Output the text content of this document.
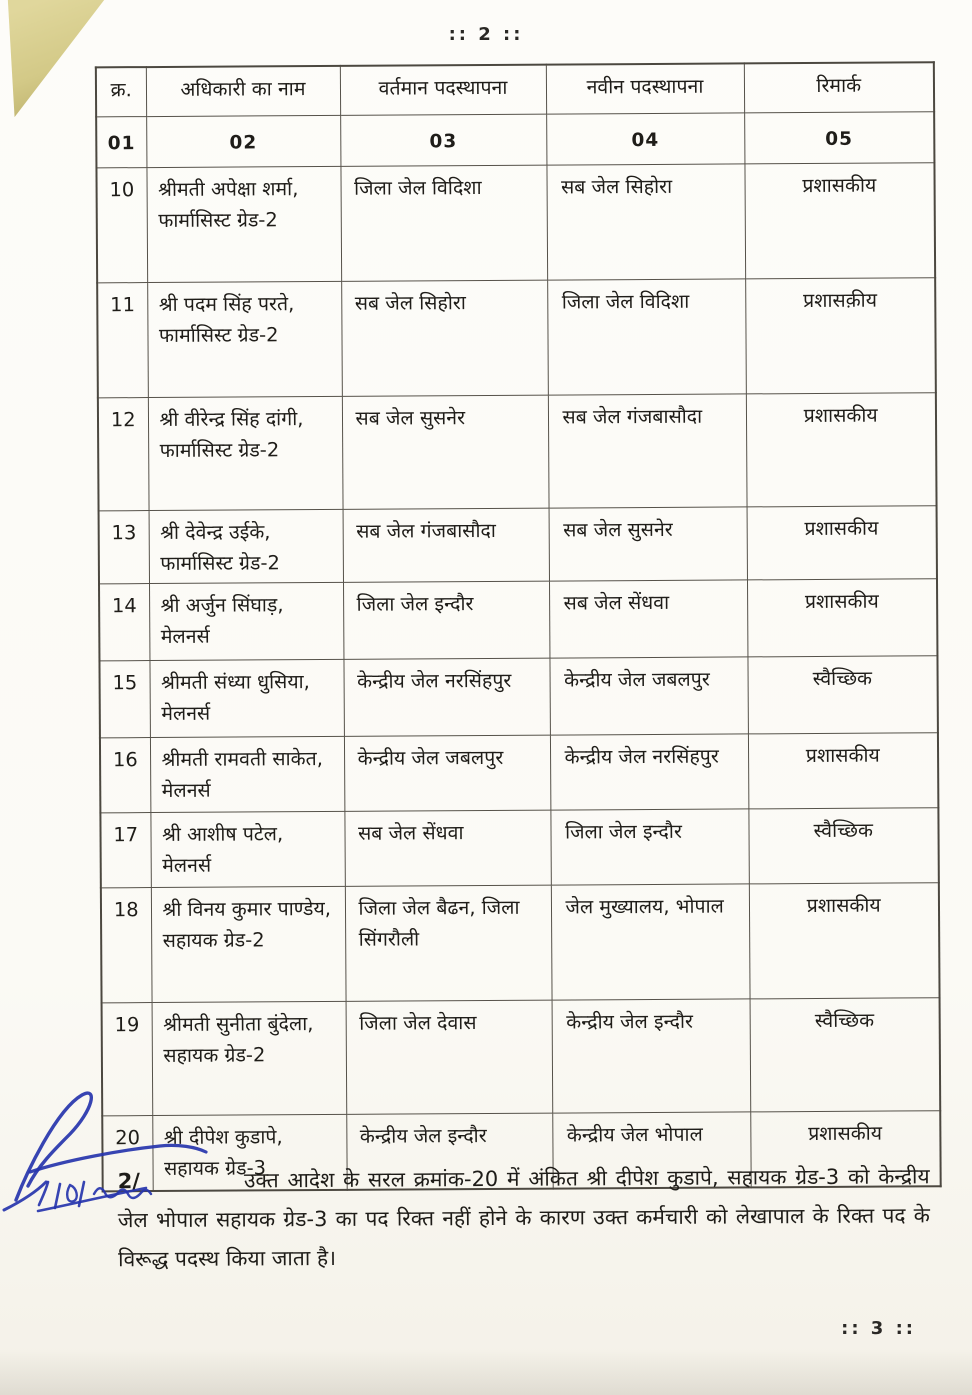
:: 2 ::
क्र.	अधिकारी का नाम	वर्तमान पदस्थापना	नवीन पदस्थापना	रिमार्क
01	02	03	04	05
10	श्रीमती अपेक्षा शर्मा, फार्मासिस्ट ग्रेड-2	जिला जेल विदिशा	सब जेल सिहोरा	प्रशासकीय
11	श्री पदम सिंह परते, फार्मासिस्ट ग्रेड-2	सब जेल सिहोरा	जिला जेल विदिशा	प्रशासक़ीय
12	श्री वीरेन्द्र सिंह दांगी, फार्मासिस्ट ग्रेड-2	सब जेल सुसनेर	सब जेल गंजबासौदा	प्रशासकीय
13	श्री देवेन्द्र उईके, फार्मासिस्ट ग्रेड-2	सब जेल गंजबासौदा	सब जेल सुसनेर	प्रशासकीय
14	श्री अर्जुन सिंघाड़, मेलनर्स	जिला जेल इन्दौर	सब जेल सेंधवा	प्रशासकीय
15	श्रीमती संध्या धुसिया, मेलनर्स	केन्द्रीय जेल नरसिंहपुर	केन्द्रीय जेल जबलपुर	स्वैच्छिक
16	श्रीमती रामवती साकेत, मेलनर्स	केन्द्रीय जेल जबलपुर	केन्द्रीय जेल नरसिंहपुर	प्रशासकीय
17	श्री आशीष पटेल, मेलनर्स	सब जेल सेंधवा	जिला जेल इन्दौर	स्वैच्छिक
18	श्री विनय कुमार पाण्डेय, सहायक ग्रेड-2	जिला जेल बैढन, जिला सिंगरौली	जेल मुख्यालय, भोपाल	प्रशासकीय
19	श्रीमती सुनीता बुंदेला, सहायक ग्रेड-2	जिला जेल देवास	केन्द्रीय जेल इन्दौर	स्वैच्छिक
20	श्री दीपेश कुडापे, सहायक ग्रेड-3	केन्द्रीय जेल इन्दौर	केन्द्रीय जेल भोपाल	प्रशासकीय
2/	उक्त आदेश के सरल क्रमांक-20 में अंकित श्री दीपेश कुडापे, सहायक ग्रेड-3 को केन्द्रीय जेल भोपाल सहायक ग्रेड-3 का पद रिक्त नहीं होने के कारण उक्त कर्मचारी को लेखापाल के रिक्त पद के विरूद्ध पदस्थ किया जाता है।
:: 3 ::
